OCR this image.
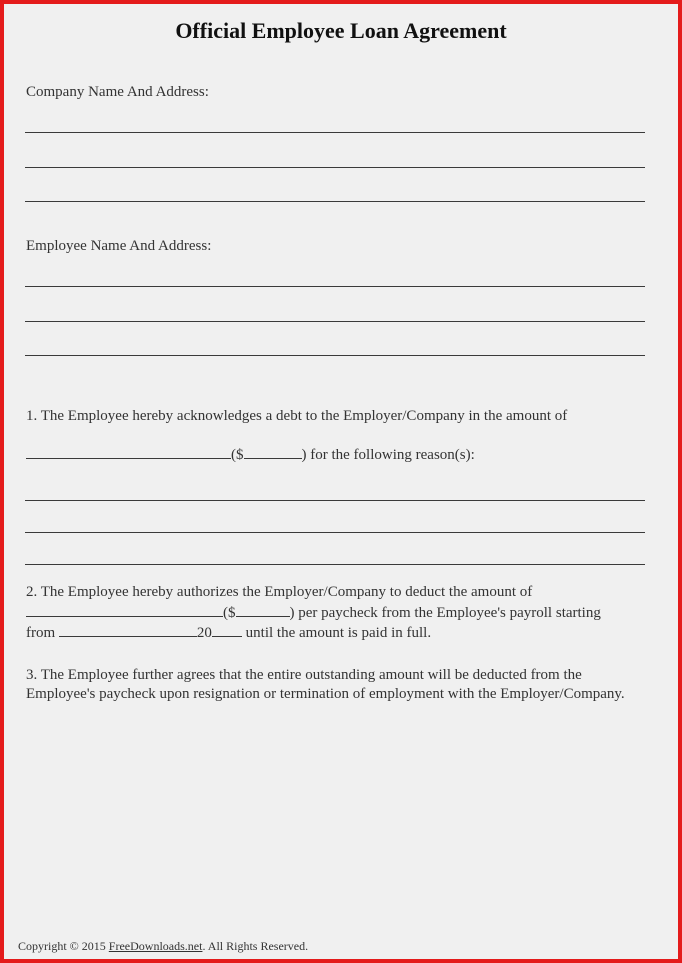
Official Employee Loan Agreement
Company Name And Address:
Employee Name And Address:
1. The Employee hereby acknowledges a debt to the Employer/Company in the amount of
($	) for the following reason(s):
2. The Employee hereby authorizes the Employer/Company to deduct the amount of
($	) per paycheck from the Employee's payroll starting
from	20 until the amount is paid in full.
3. The Employee further agrees that the entire outstanding amount will be deducted from the Employee's paycheck upon resignation or termination of employment with the Employer/Company.
Copyright © 2015 FreeDownloads.net. All Rights Reserved.
